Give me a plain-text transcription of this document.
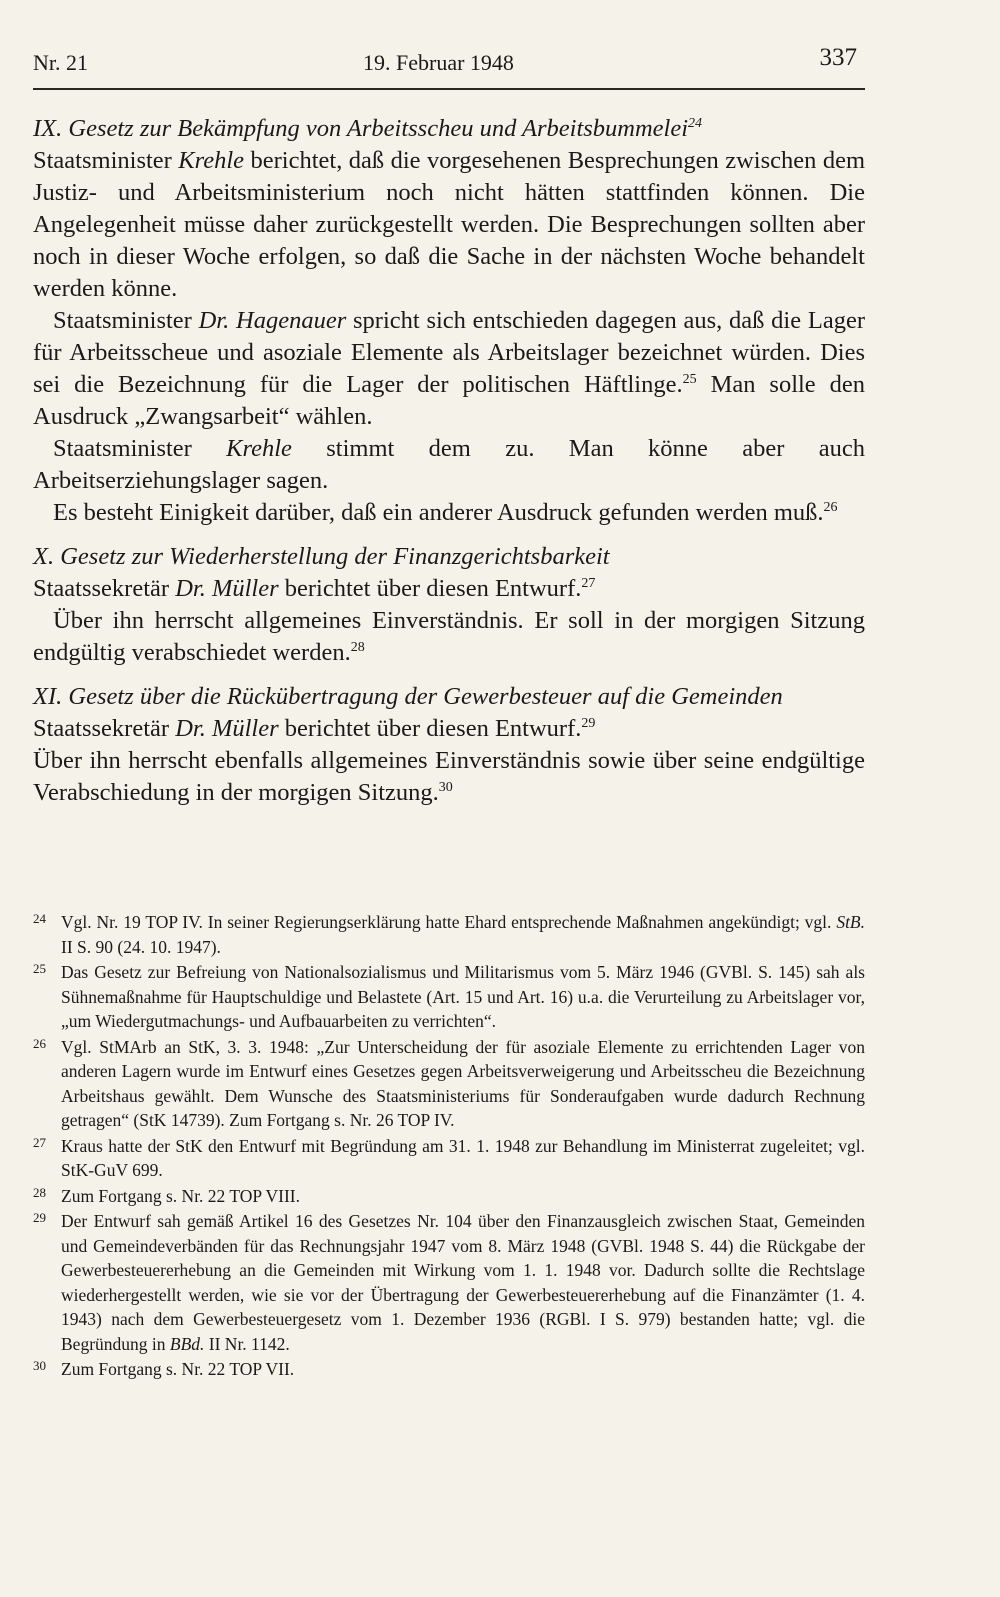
Nr. 21	19. Februar 1948	337
IX. Gesetz zur Bekämpfung von Arbeitsscheu und Arbeitsbummelei$^{24}$

Staatsminister Krehle berichtet, daß die vorgesehenen Besprechungen zwischen dem Justiz- und Arbeitsministerium noch nicht hätten stattfinden können. Die Angelegenheit müsse daher zurückgestellt werden. Die Besprechungen sollten aber noch in dieser Woche erfolgen, so daß die Sache in der nächsten Woche behandelt werden könne.

Staatsminister Dr. Hagenauer spricht sich entschieden dagegen aus, daß die Lager für Arbeitsscheue und asoziale Elemente als Arbeitslager bezeichnet würden. Dies sei die Bezeichnung für die Lager der politischen Häftlinge.$^{25}$ Man solle den Ausdruck „Zwangsarbeit“ wählen.

Staatsminister Krehle stimmt dem zu. Man könne aber auch Arbeitserziehungslager sagen.

Es besteht Einigkeit darüber, daß ein anderer Ausdruck gefunden werden muß.$^{26}$

X. Gesetz zur Wiederherstellung der Finanzgerichtsbarkeit

Staatssekretär Dr. Müller berichtet über diesen Entwurf.$^{27}$

Über ihn herrscht allgemeines Einverständnis. Er soll in der morgigen Sitzung endgültig verabschiedet werden.$^{28}$

XI. Gesetz über die Rückübertragung der Gewerbesteuer auf die Gemeinden

Staatssekretär Dr. Müller berichtet über diesen Entwurf.$^{29}$

Über ihn herrscht ebenfalls allgemeines Einverständnis sowie über seine endgültige Verabschiedung in der morgigen Sitzung.$^{30}$

24 Vgl. Nr. 19 TOP IV. In seiner Regierungserklärung hatte Ehard entsprechende Maßnahmen angekündigt; vgl. StB. II S. 90 (24. 10. 1947).

25 Das Gesetz zur Befreiung von Nationalsozialismus und Militarismus vom 5. März 1946 (GVBl. S. 145) sah als Sühnemaßnahme für Hauptschuldige und Belastete (Art. 15 und Art. 16) u.a. die Verurteilung zu Arbeitslager vor, „um Wiedergutmachungs- und Aufbauarbeiten zu verrichten“.

26 Vgl. StMArb an StK, 3. 3. 1948: „Zur Unterscheidung der für asoziale Elemente zu errichtenden Lager von anderen Lagern wurde im Entwurf eines Gesetzes gegen Arbeitsverweigerung und Arbeitsscheu die Bezeichnung Arbeitshaus gewählt. Dem Wunsche des Staatsministeriums für Sonderaufgaben wurde dadurch Rechnung getragen“ (StK 14739). Zum Fortgang s. Nr. 26 TOP IV.

27 Kraus hatte der StK den Entwurf mit Begründung am 31. 1. 1948 zur Behandlung im Ministerrat zugeleitet; vgl. StK-GuV 699.

28 Zum Fortgang s. Nr. 22 TOP VIII.

29 Der Entwurf sah gemäß Artikel 16 des Gesetzes Nr. 104 über den Finanzausgleich zwischen Staat, Gemeinden und Gemeindeverbänden für das Rechnungsjahr 1947 vom 8. März 1948 (GVBl. 1948 S. 44) die Rückgabe der Gewerbesteuererhebung an die Gemeinden mit Wirkung vom 1. 1. 1948 vor. Dadurch sollte die Rechtslage wiederhergestellt werden, wie sie vor der Übertragung der Gewerbesteuererhebung auf die Finanzämter (1. 4. 1943) nach dem Gewerbesteuergesetz vom 1. Dezember 1936 (RGBl. I S. 979) bestanden hatte; vgl. die Begründung in BBd. II Nr. 1142.

30 Zum Fortgang s. Nr. 22 TOP VII.
